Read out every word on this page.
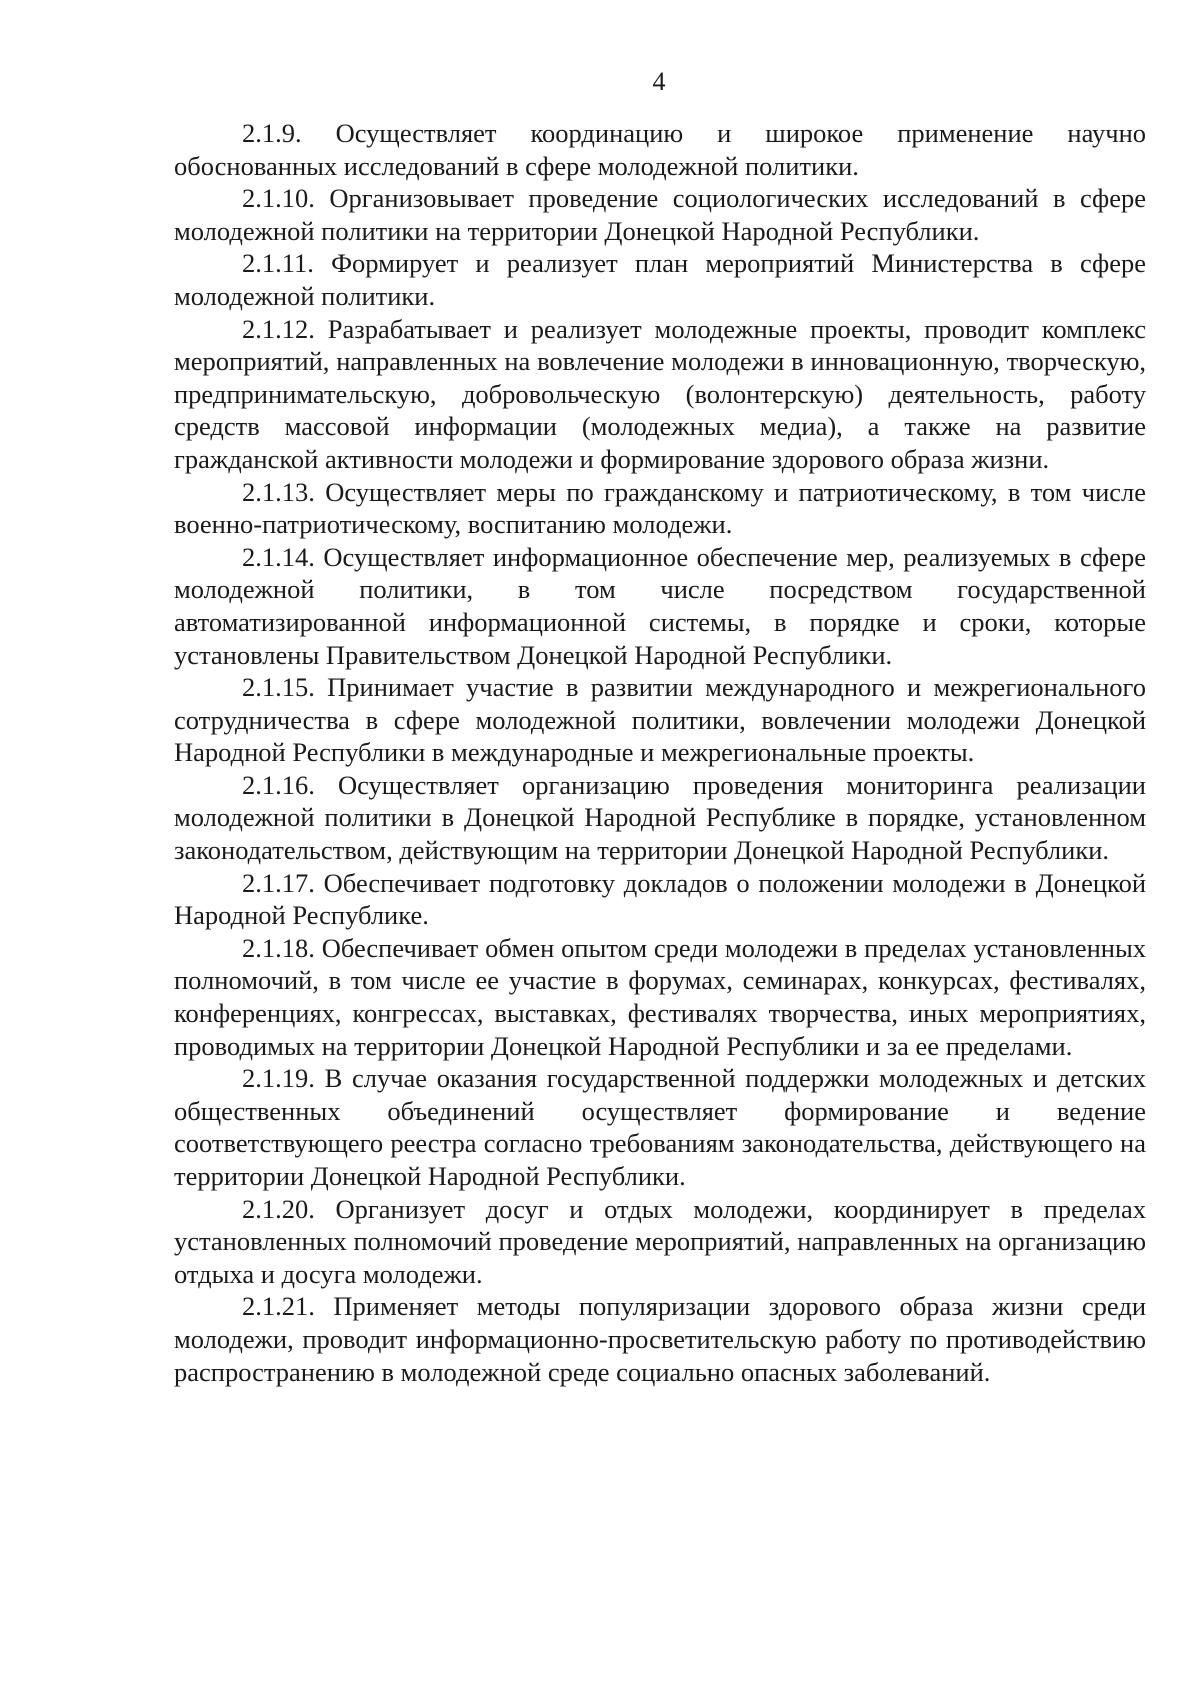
4

2.1.9. Осуществляет координацию и широкое применение научно обоснованных исследований в сфере молодежной политики.

2.1.10. Организовывает проведение социологических исследований в сфере молодежной политики на территории Донецкой Народной Республики.

2.1.11. Формирует и реализует план мероприятий Министерства в сфере молодежной политики.

2.1.12. Разрабатывает и реализует молодежные проекты, проводит комплекс мероприятий, направленных на вовлечение молодежи в инновационную, творческую, предпринимательскую, добровольческую (волонтерскую) деятельность, работу средств массовой информации (молодежных медиа), а также на развитие гражданской активности молодежи и формирование здорового образа жизни.

2.1.13. Осуществляет меры по гражданскому и патриотическому, в том числе военно-патриотическому, воспитанию молодежи.

2.1.14. Осуществляет информационное обеспечение мер, реализуемых в сфере молодежной политики, в том числе посредством государственной автоматизированной информационной системы, в порядке и сроки, которые установлены Правительством Донецкой Народной Республики.

2.1.15. Принимает участие в развитии международного и межрегионального сотрудничества в сфере молодежной политики, вовлечении молодежи Донецкой Народной Республики в международные и межрегиональные проекты.

2.1.16. Осуществляет организацию проведения мониторинга реализации молодежной политики в Донецкой Народной Республике в порядке, установленном законодательством, действующим на территории Донецкой Народной Республики.

2.1.17. Обеспечивает подготовку докладов о положении молодежи в Донецкой Народной Республике.

2.1.18. Обеспечивает обмен опытом среди молодежи в пределах установленных полномочий, в том числе ее участие в форумах, семинарах, конкурсах, фестивалях, конференциях, конгрессах, выставках, фестивалях творчества, иных мероприятиях, проводимых на территории Донецкой Народной Республики и за ее пределами.

2.1.19. В случае оказания государственной поддержки молодежных и детских общественных объединений осуществляет формирование и ведение соответствующего реестра согласно требованиям законодательства, действующего на территории Донецкой Народной Республики.

2.1.20. Организует досуг и отдых молодежи, координирует в пределах установленных полномочий проведение мероприятий, направленных на организацию отдыха и досуга молодежи.

2.1.21. Применяет методы популяризации здорового образа жизни среди молодежи, проводит информационно-просветительскую работу по противодействию распространению в молодежной среде социально опасных заболеваний.
